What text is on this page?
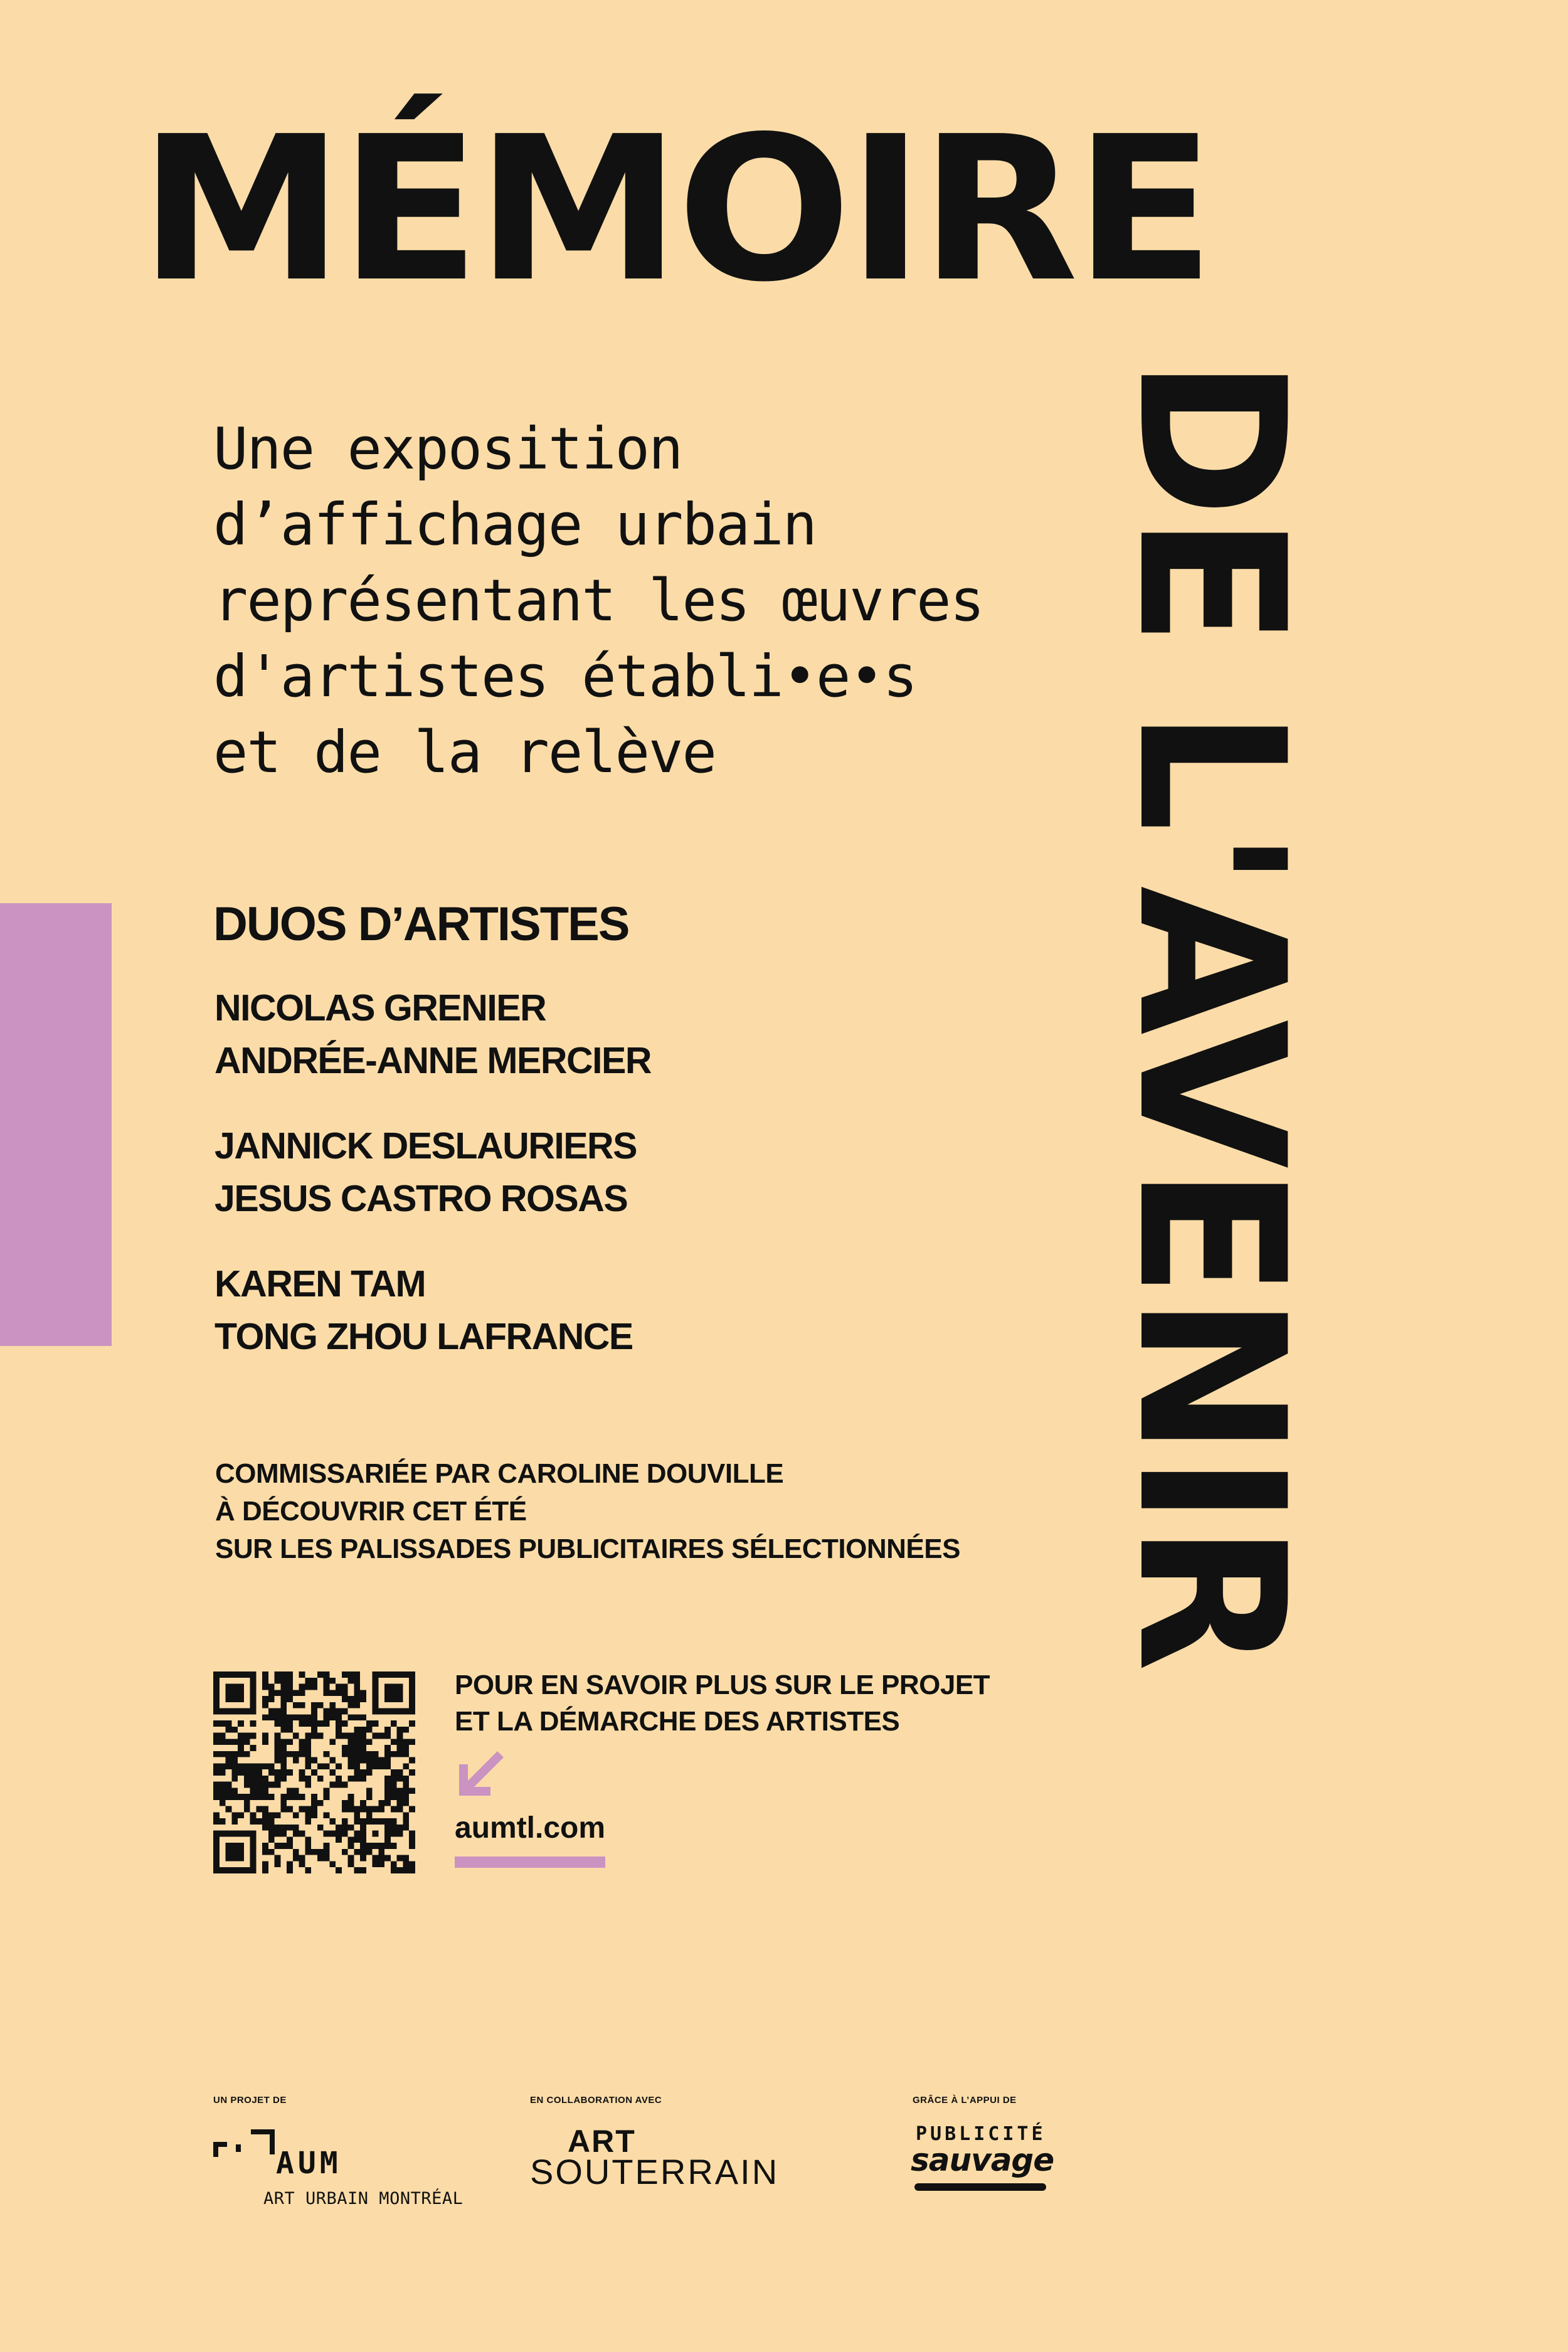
MÉMOIRE
DE L'AVENIR
Une exposition
d’affichage urbain
représentant les œuvres
d'artistes établi•e•s
et de la relève
DUOS D’ARTISTES
NICOLAS GRENIER
ANDRÉE-ANNE MERCIER
JANNICK DESLAURIERS
JESUS CASTRO ROSAS
KAREN TAM
TONG ZHOU LAFRANCE
COMMISSARIÉE PAR CAROLINE DOUVILLE
À DÉCOUVRIR CET ÉTÉ
SUR LES PALISSADES PUBLICITAIRES SÉLECTIONNÉES
POUR EN SAVOIR PLUS SUR LE PROJET
ET LA DÉMARCHE DES ARTISTES
aumtl.com
UN PROJET DE	EN COLLABORATION AVEC	GRÂCE À L’APPUI DE
AUM
ART URBAIN MONTRÉAL
ART
SOUTERRAIN
PUBLICITÉ
sauvage
